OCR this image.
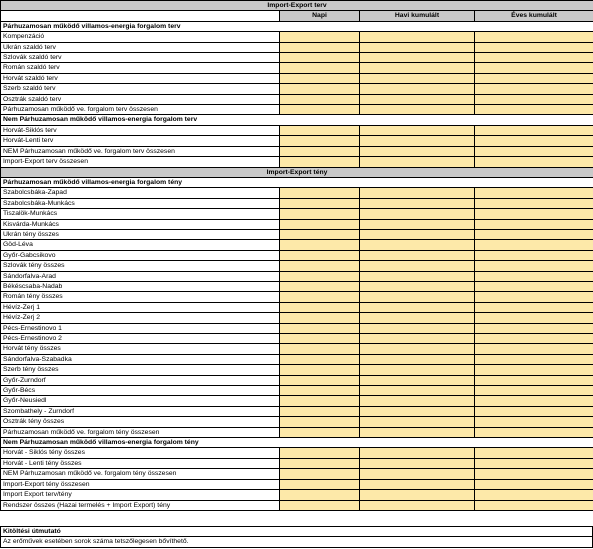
Import-Export terv			
	Napi	Havi kumulált	Éves kumulált
Párhuzamosan működő villamos-energia forgalom terv			
Kompenzáció			
Ukrán szaldó terv			
Szlovák szaldó terv			
Román szaldó terv			
Horvát szaldó terv			
Szerb szaldó terv			
Osztrák szaldó terv			
Párhuzamosan működő ve. forgalom terv összesen			
Nem Párhuzamosan működő villamos-energia forgalom terv			
Horvát-Siklós terv			
Horvát-Lenti terv			
NEM Párhuzamosan működő ve. forgalom terv összesen			
Import-Export terv összesen			
Import-Export tény			
Párhuzamosan működő villamos-energia forgalom tény			
Szabolcsbáka-Zapad			
Szabolcsbáka-Munkács			
Tiszalök-Munkács			
Kisvárda-Munkács			
Ukrán tény összes			
Göd-Léva			
Győr-Gabcsikovo			
Szlovák tény összes			
Sándorfalva-Arad			
Békéscsaba-Nadab			
Román tény összes			
Hévíz-Zerj 1			
Hévíz-Zerj 2			
Pécs-Ernestinovo 1			
Pécs-Ernestinovo 2			
Horvát tény összes			
Sándorfalva-Szabadka			
Szerb tény összes			
Győr-Zurndorf			
Győr-Bécs			
Győr-Neusiedl			
Szombathely - Zurndorf			
Osztrák tény összes			
Párhuzamosan működő ve. forgalom tény összesen			
Nem Párhuzamosan működő villamos-energia forgalom tény			
Horvát - Siklós tény összes			
Horvát - Lenti tény összes			
NEM Párhuzamosan működő ve. forgalom tény összesen			
Import-Export tény összesen			
Import Export terv/tény			
Rendszer összes (Hazai termelés + Import Export) tény			
Kitöltési útmutató
Az erőművek esetében sorok száma tetszőlegesen bővíthető.
